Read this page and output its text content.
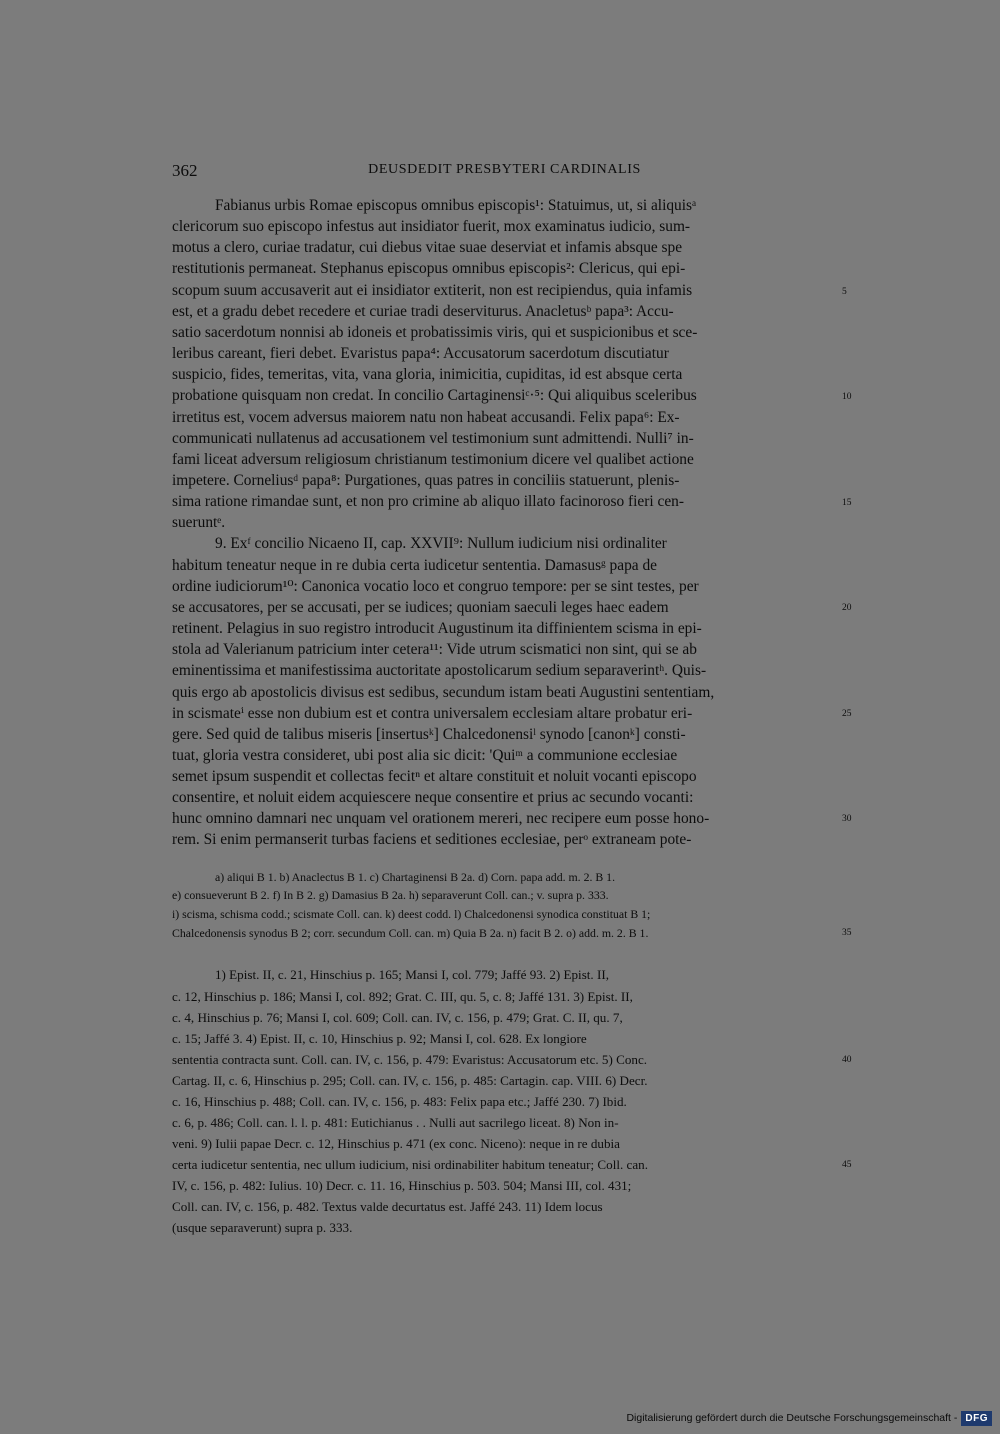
362	DEUSDEDIT PRESBYTERI CARDINALIS
Fabianus urbis Romae episcopus omnibus episcopis¹: Statuimus, ut, si aliquisᵃ
clericorum suo episcopo infestus aut insidiator fuerit, mox examinatus iudicio, sum-
motus a clero, curiae tradatur, cui diebus vitae suae deserviat et infamis absque spe
restitutionis permaneat. Stephanus episcopus omnibus episcopis²: Clericus, qui epi-
scopum suum accusaverit aut ei insidiator extiterit, non est recipiendus, quia infamis
est, et a gradu debet recedere et curiae tradi deserviturus. Anacletusᵇ papa³: Accu-
satio sacerdotum nonnisi ab idoneis et probatissimis viris, qui et suspicionibus et sce-
leribus careant, fieri debet. Evaristus papa⁴: Accusatorum sacerdotum discutiatur
suspicio, fides, temeritas, vita, vana gloria, inimicitia, cupiditas, id est absque certa
probatione quisquam non credat. In concilio Cartaginensiᶜ·⁵: Qui aliquibus sceleribus
irretitus est, vocem adversus maiorem natu non habeat accusandi. Felix papa⁶: Ex-
communicati nullatenus ad accusationem vel testimonium sunt admittendi. Nulli⁷ in-
fami liceat adversum religiosum christianum testimonium dicere vel qualibet actione
impetere. Corneliusᵈ papa⁸: Purgationes, quas patres in conciliis statuerunt, plenis-
sima ratione rimandae sunt, et non pro crimine ab aliquo illato facinoroso fieri cen-
sueruntᵉ.
9. Exᶠ concilio Nicaeno II, cap. XXVII⁹: Nullum iudicium nisi ordinaliter
habitum teneatur neque in re dubia certa iudicetur sententia. Damasusᵍ papa de
ordine iudiciorum¹⁰: Canonica vocatio loco et congruo tempore: per se sint testes, per
se accusatores, per se accusati, per se iudices; quoniam saeculi leges haec eadem
retinent. Pelagius in suo registro introducit Augustinum ita diffinientem scisma in epi-
stola ad Valerianum patricium inter cetera¹¹: Vide utrum scismatici non sint, qui se ab
eminentissima et manifestissima auctoritate apostolicarum sedium separaverintʰ. Quis-
quis ergo ab apostolicis divisus est sedibus, secundum istam beati Augustini sententiam,
in scismateⁱ esse non dubium est et contra universalem ecclesiam altare probatur eri-
gere. Sed quid de talibus miseris [insertusᵏ] Chalcedonensiˡ synodo [canonᵏ] consti-
tuat, gloria vestra consideret, ubi post alia sic dicit: 'Quiᵐ a communione ecclesiae
semet ipsum suspendit et collectas fecitⁿ et altare constituit et noluit vocanti episcopo
consentire, et noluit eidem acquiescere neque consentire et prius ac secundo vocanti:
hunc omnino damnari nec unquam vel orationem mereri, nec recipere eum posse hono-
rem. Si enim permanserit turbas faciens et seditiones ecclesiae, perᵒ extraneam pote-
5
10
15
20
25
30
a) aliqui B 1. b) Anaclectus B 1. c) Chartaginensi B 2a. d) Corn. papa add. m. 2. B 1.
e) consueverunt B 2. f) In B 2. g) Damasius B 2a. h) separaverunt Coll. can.; v. supra p. 333.
i) scisma, schisma codd.; scismate Coll. can. k) deest codd. l) Chalcedonensi synodica constituat B 1;
Chalcedonensis synodus B 2; corr. secundum Coll. can. m) Quia B 2a. n) facit B 2. o) add. m. 2. B 1.	35
1) Epist. II, c. 21, Hinschius p. 165; Mansi I, col. 779; Jaffé 93. 2) Epist. II,
c. 12, Hinschius p. 186; Mansi I, col. 892; Grat. C. III, qu. 5, c. 8; Jaffé 131. 3) Epist. II,
c. 4, Hinschius p. 76; Mansi I, col. 609; Coll. can. IV, c. 156, p. 479; Grat. C. II, qu. 7,
c. 15; Jaffé 3. 4) Epist. II, c. 10, Hinschius p. 92; Mansi I, col. 628. Ex longiore
sententia contracta sunt. Coll. can. IV, c. 156, p. 479: Evaristus: Accusatorum etc. 5) Conc.
Cartag. II, c. 6, Hinschius p. 295; Coll. can. IV, c. 156, p. 485: Cartagin. cap. VIII. 6) Decr.
c. 16, Hinschius p. 488; Coll. can. IV, c. 156, p. 483: Felix papa etc.; Jaffé 230. 7) Ibid.
c. 6, p. 486; Coll. can. l. l. p. 481: Eutichianus . . Nulli aut sacrilego liceat. 8) Non in-
veni. 9) Iulii papae Decr. c. 12, Hinschius p. 471 (ex conc. Niceno): neque in re dubia
certa iudicetur sententia, nec ullum iudicium, nisi ordinabiliter habitum teneatur; Coll. can.
IV, c. 156, p. 482: Iulius. 10) Decr. c. 11. 16, Hinschius p. 503. 504; Mansi III, col. 431;
Coll. can. IV, c. 156, p. 482. Textus valde decurtatus est. Jaffé 243. 11) Idem locus
(usque separaverunt) supra p. 333.
40
45
Digitalisierung gefördert durch die Deutsche Forschungsgemeinschaft - DFG
